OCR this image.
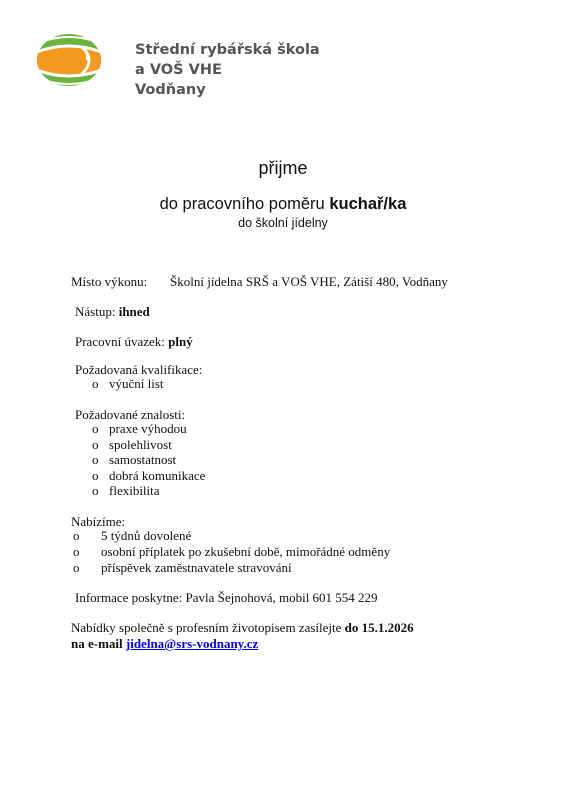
Střední rybářská škola
a VOŠ VHE
Vodňany
přijme
do pracovního poměru kuchař/ka
do školní jídelny
Místo výkonu: Školní jídelna SRŠ a VOŠ VHE, Zátiší 480, Vodňany
Nástup: ihned
Pracovní úvazek: plný
Požadovaná kvalifikace:
o výuční list
Požadované znalosti:
o praxe výhodou
o spolehlivost
o samostatnost
o dobrá komunikace
o flexibilita
Nabízíme:
o 5 týdnů dovolené
o osobní příplatek po zkušební době, mimořádné odměny
o příspěvek zaměstnavatele stravování
Informace poskytne: Pavla Šejnohová, mobil 601 554 229
Nabídky společně s profesním životopisem zasílejte do 15.1.2026
na e-mail jidelna@srs-vodnany.cz
